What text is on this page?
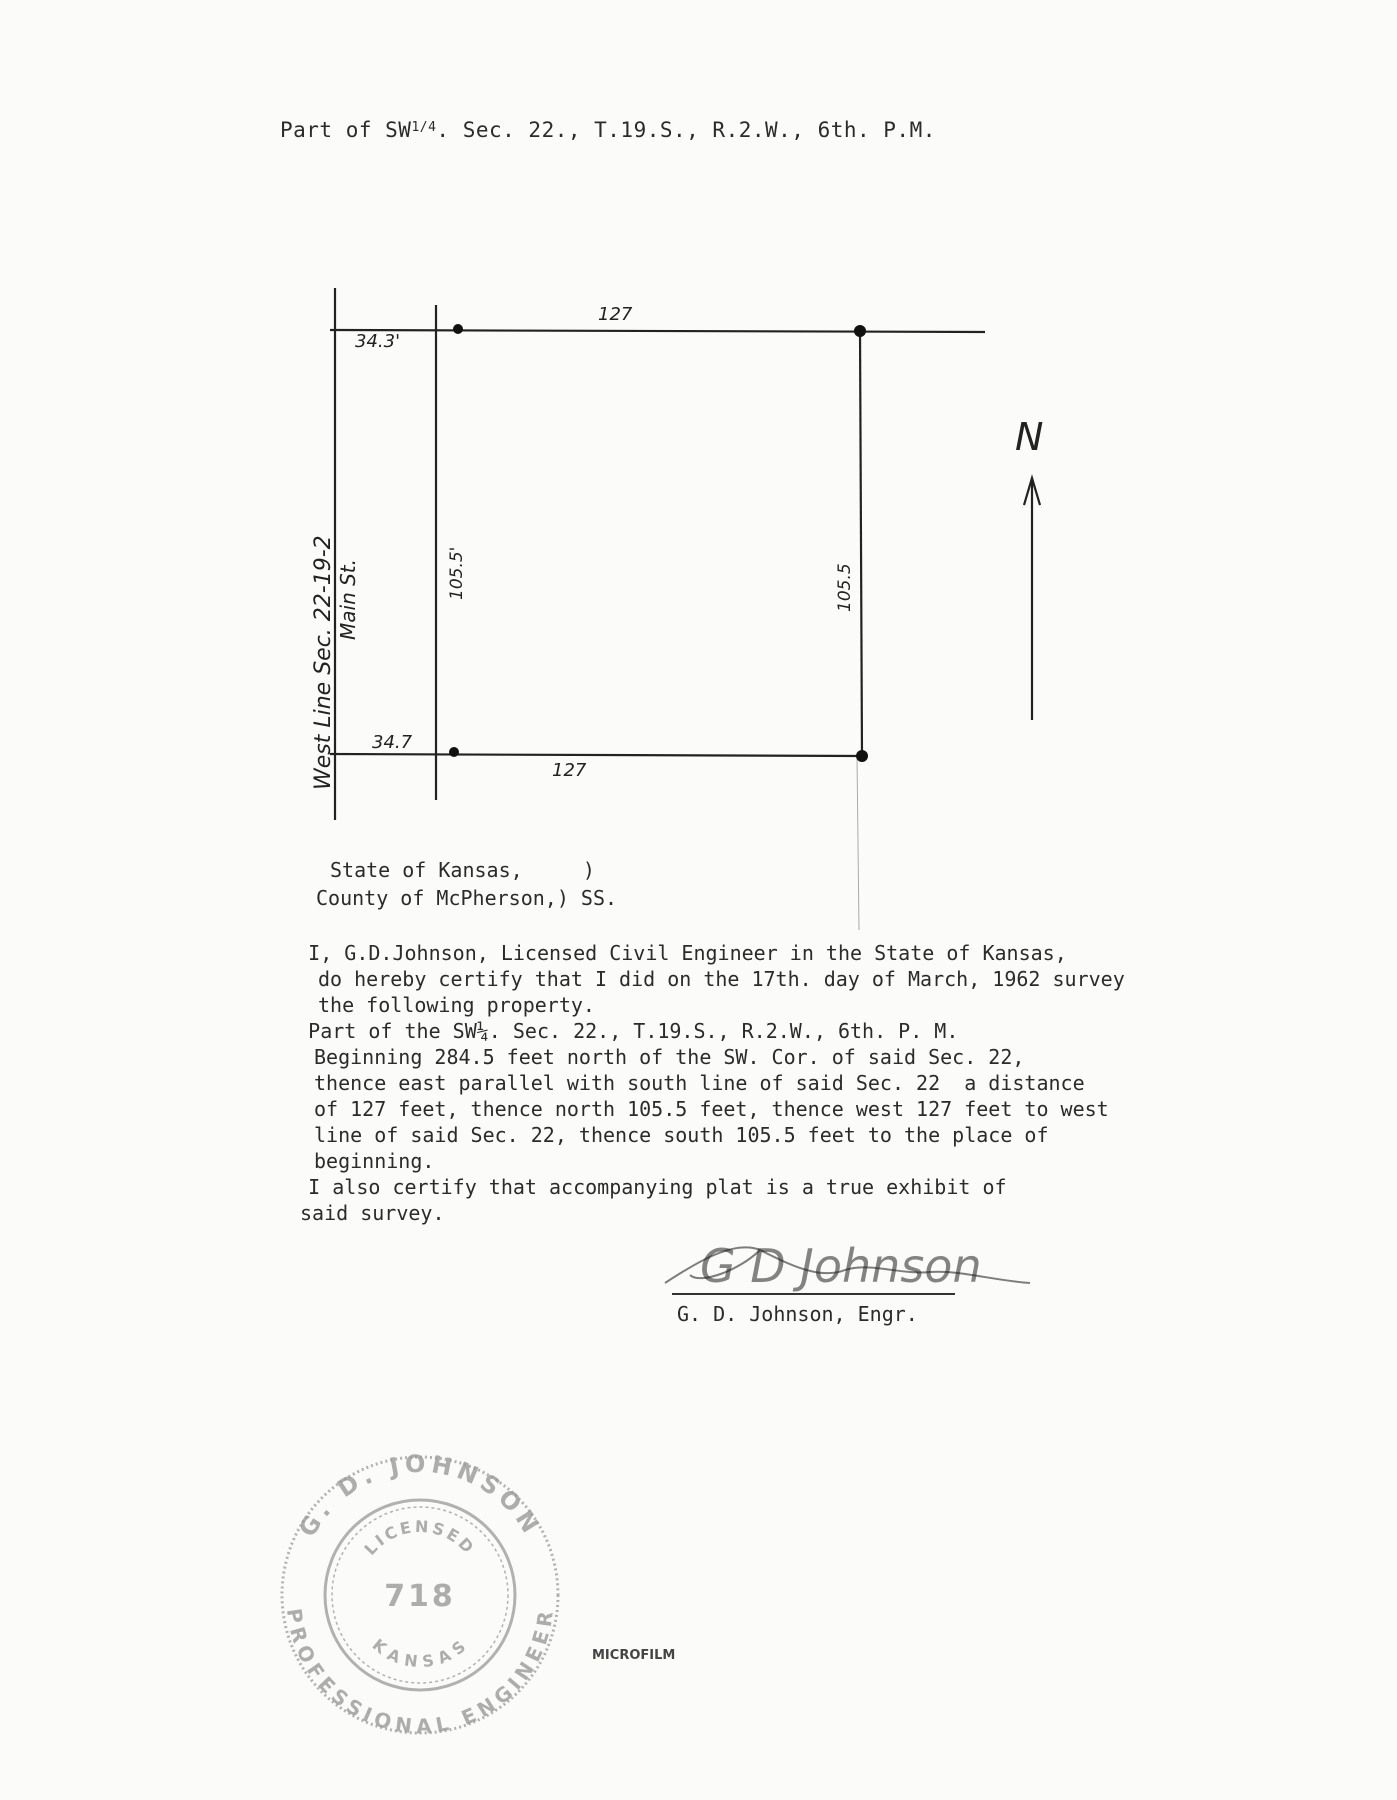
Part of SW1/4. Sec. 22., T.19.S., R.2.W., 6th. P.M.
34.3'
127
34.7
127
105.5'	105.5
West Line Sec. 22-19-2 Main St.
N
State of Kansas,     )
County of McPherson,) SS.

I, G.D.Johnson, Licensed Civil Engineer in the State of Kansas,

do hereby certify that I did on the 17th. day of March, 1962 survey

the following property.

Part of the SW¼. Sec. 22., T.19.S., R.2.W., 6th. P. M.

Beginning 284.5 feet north of the SW. Cor. of said Sec. 22,

thence east parallel with south line of said Sec. 22  a distance

of 127 feet, thence north 105.5 feet, thence west 127 feet to west

line of said Sec. 22, thence south 105.5 feet to the place of

beginning.

I also certify that accompanying plat is a true exhibit of

said survey.

G D Johnson
G. D. Johnson, Engr.
G. D. JOHNSON
PROFESSIONAL ENGINEER
LICENSED
718
KANSAS	MICROFILM
